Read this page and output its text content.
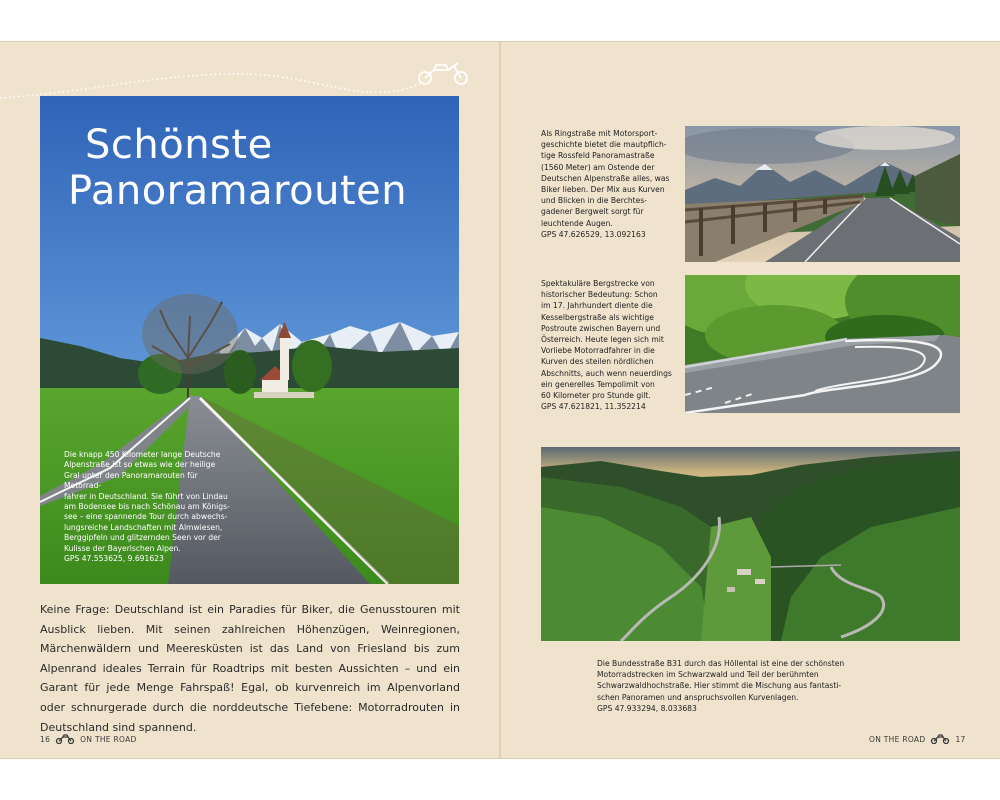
Schönste
Panoramarouten
Die knapp 450 Kilometer lange Deutsche
Alpenstraße ist so etwas wie der heilige
Gral unter den Panoramarouten für Motorrad-
fahrer in Deutschland. Sie führt von Lindau
am Bodensee bis nach Schönau am Königs-
see – eine spannende Tour durch abwechs-
lungsreiche Landschaften mit Almwiesen,
Berggipfeln und glitzernden Seen vor der
Kulisse der Bayerischen Alpen.
GPS 47.553625, 9.691623

Keine Frage: Deutschland ist ein Paradies für Biker, die Genusstouren mit Ausblick lieben. Mit seinen zahlreichen Höhenzügen, Weinregionen, Märchenwäldern und Meeresküsten ist das Land von Friesland bis zum Alpenrand ideales Terrain für Roadtrips mit besten Aussichten – und ein Garant für jede Menge Fahrspaß! Egal, ob kurvenreich im Alpenvorland oder schnurgerade durch die norddeutsche Tiefebene: Motorradrouten in Deutschland sind spannend.

Als Ringstraße mit Motorsport-
geschichte bietet die mautpflich-
tige Rossfeld Panoramastraße
(1560 Meter) am Ostende der
Deutschen Alpenstraße alles, was
Biker lieben. Der Mix aus Kurven
und Blicken in die Berchtes-
gadener Bergwelt sorgt für
leuchtende Augen.
GPS 47.626529, 13.092163

Spektakuläre Bergstrecke von
historischer Bedeutung: Schon
im 17. Jahrhundert diente die
Kesselbergstraße als wichtige
Postroute zwischen Bayern und
Österreich. Heute legen sich mit
Vorliebe Motorradfahrer in die
Kurven des steilen nördlichen
Abschnitts, auch wenn neuerdings
ein generelles Tempolimit von
60 Kilometer pro Stunde gilt.
GPS 47.621821, 11.352214

Die Bundesstraße B31 durch das Höllental ist eine der schönsten
Motorradstrecken im Schwarzwald und Teil der berühmten
Schwarzwaldhochstraße. Hier stimmt die Mischung aus fantasti-
schen Panoramen und anspruchsvollen Kurvenlagen.
GPS 47.933294, 8.033683

16	ON THE ROAD	ON THE ROAD	17
